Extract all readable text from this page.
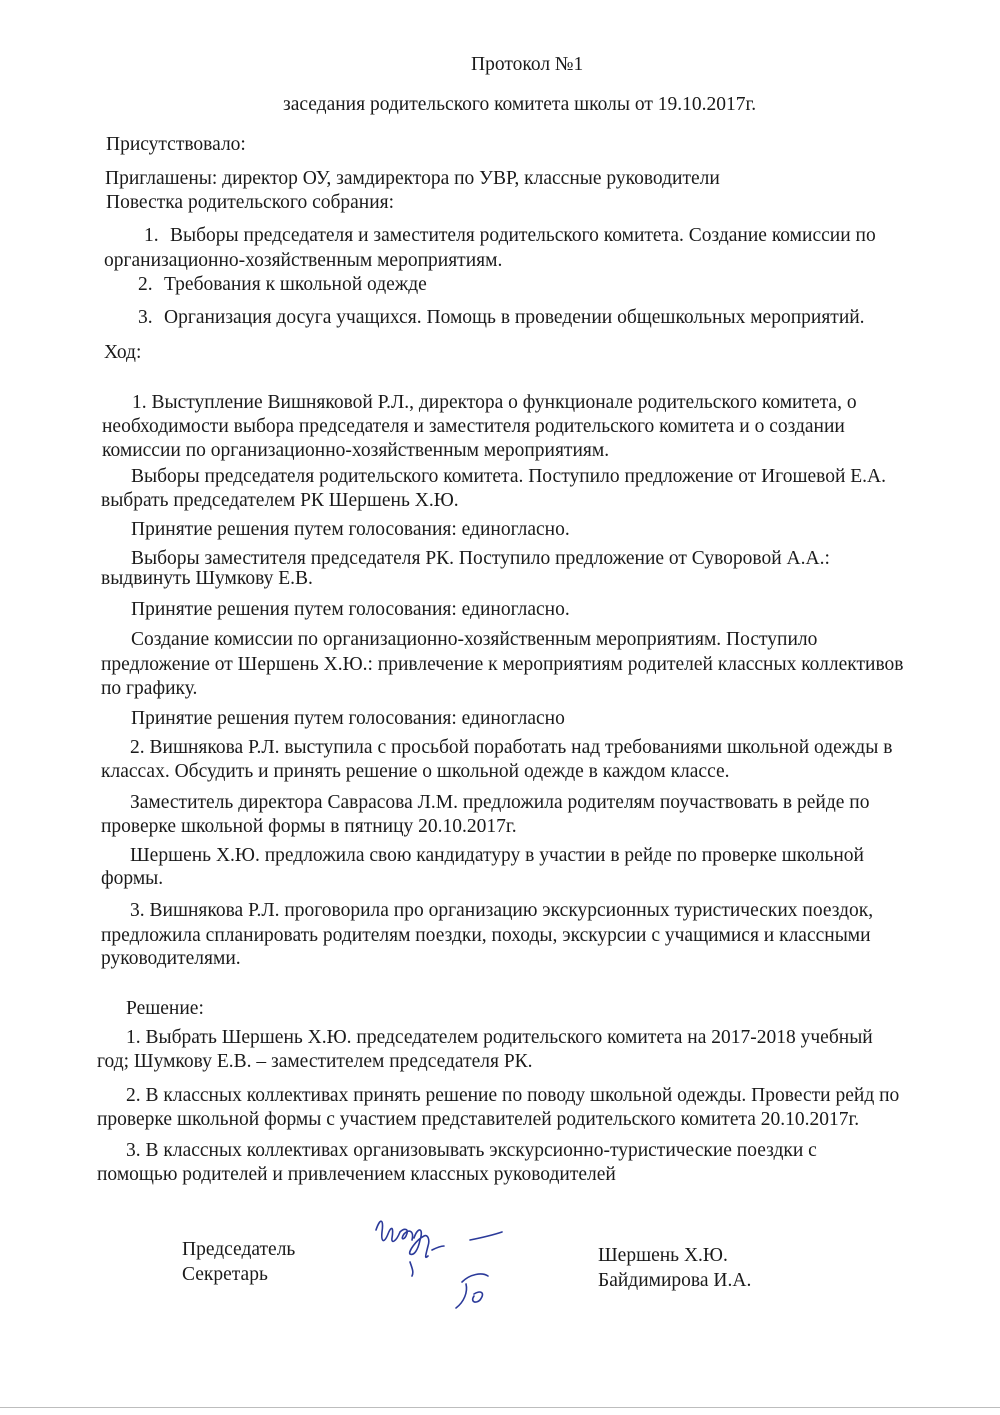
Протокол №1

заседания родительского комитета школы от 19.10.2017г.

Присутствовало:

Приглашены: директор ОУ, замдиректора по УВР, классные руководители

Повестка родительского собрания:

1. Выборы председателя и заместителя родительского комитета. Создание комиссии по

организационно-хозяйственным мероприятиям.

2. Требования к школьной одежде

3. Организация досуга учащихся. Помощь в проведении общешкольных мероприятий.

Ход:

1. Выступление Вишняковой Р.Л., директора о функционале родительского комитета, о

необходимости выбора председателя и заместителя родительского комитета и о создании

комиссии по организационно-хозяйственным мероприятиям.

Выборы председателя родительского комитета. Поступило предложение от Игошевой Е.А.

выбрать председателем РК Шершень Х.Ю.

Принятие решения путем голосования: единогласно.

Выборы заместителя председателя РК. Поступило предложение от Суворовой А.А.:

выдвинуть Шумкову Е.В.

Принятие решения путем голосования: единогласно.

Создание комиссии по организационно-хозяйственным мероприятиям. Поступило

предложение от Шершень Х.Ю.: привлечение к мероприятиям родителей классных коллективов

по графику.

Принятие решения путем голосования: единогласно

2. Вишнякова Р.Л. выступила с просьбой поработать над требованиями школьной одежды в

классах. Обсудить и принять решение о школьной одежде в каждом классе.

Заместитель директора Саврасова Л.М. предложила родителям поучаствовать в рейде по

проверке школьной формы в пятницу 20.10.2017г.

Шершень Х.Ю. предложила свою кандидатуру в участии в рейде по проверке школьной

формы.

3. Вишнякова Р.Л. проговорила про организацию экскурсионных туристических поездок,

предложила спланировать родителям поездки, походы, экскурсии с учащимися и классными

руководителями.

Решение:

1. Выбрать Шершень Х.Ю. председателем родительского комитета на 2017-2018 учебный

год; Шумкову Е.В. – заместителем председателя РК.

2. В классных коллективах принять решение по поводу школьной одежды. Провести рейд по

проверке школьной формы с участием представителей родительского комитета 20.10.2017г.

3. В классных коллективах организовывать экскурсионно-туристические поездки с

помощью родителей и привлечением классных руководителей

Председатель

Секретарь

Шершень Х.Ю.

Байдимирова И.А.
